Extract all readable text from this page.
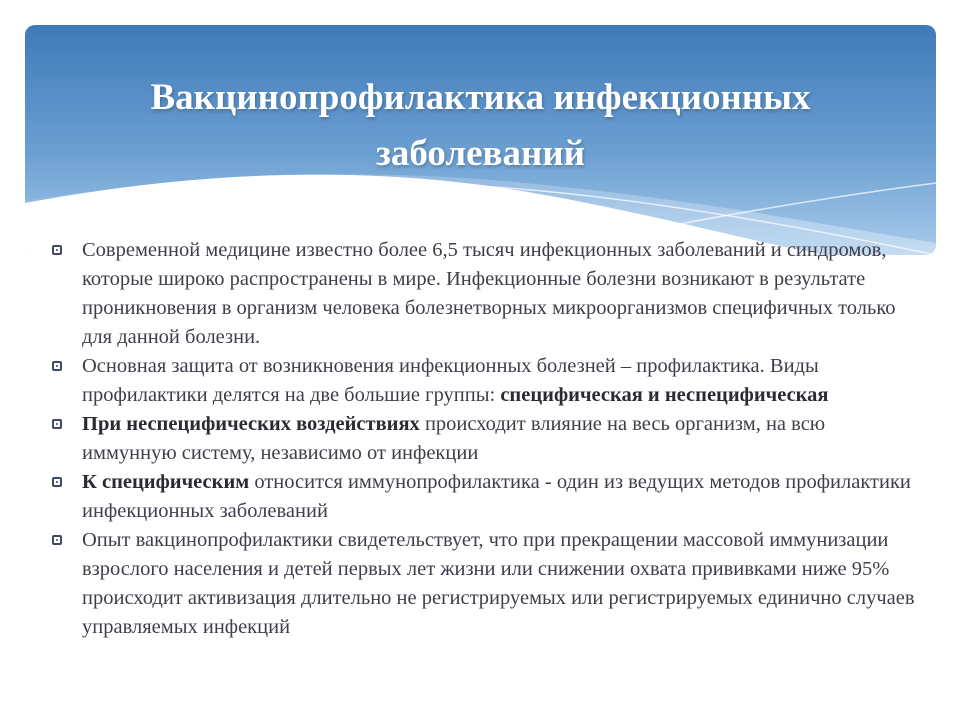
Вакцинопрофилактика инфекционных
заболеваний
Современной медицине известно более 6,5 тысяч инфекционных заболеваний и синдромов, которые широко распространены в мире. Инфекционные болезни возникают в результате проникновения в организм человека болезнетворных микроорганизмов специфичных только для данной болезни.
Основная защита от возникновения инфекционных болезней – профилактика. Виды профилактики делятся на две большие группы: специфическая и неспецифическая
При неспецифических воздействиях происходит влияние на весь организм, на всю иммунную систему, независимо от инфекции
К специфическим относится иммунопрофилактика - один из ведущих методов профилактики инфекционных заболеваний
Опыт вакцинопрофилактики свидетельствует, что при прекращении массовой иммунизации взрослого населения и детей первых лет жизни или снижении охвата прививками ниже 95% происходит активизация длительно не регистрируемых или регистрируемых единично случаев управляемых инфекций
